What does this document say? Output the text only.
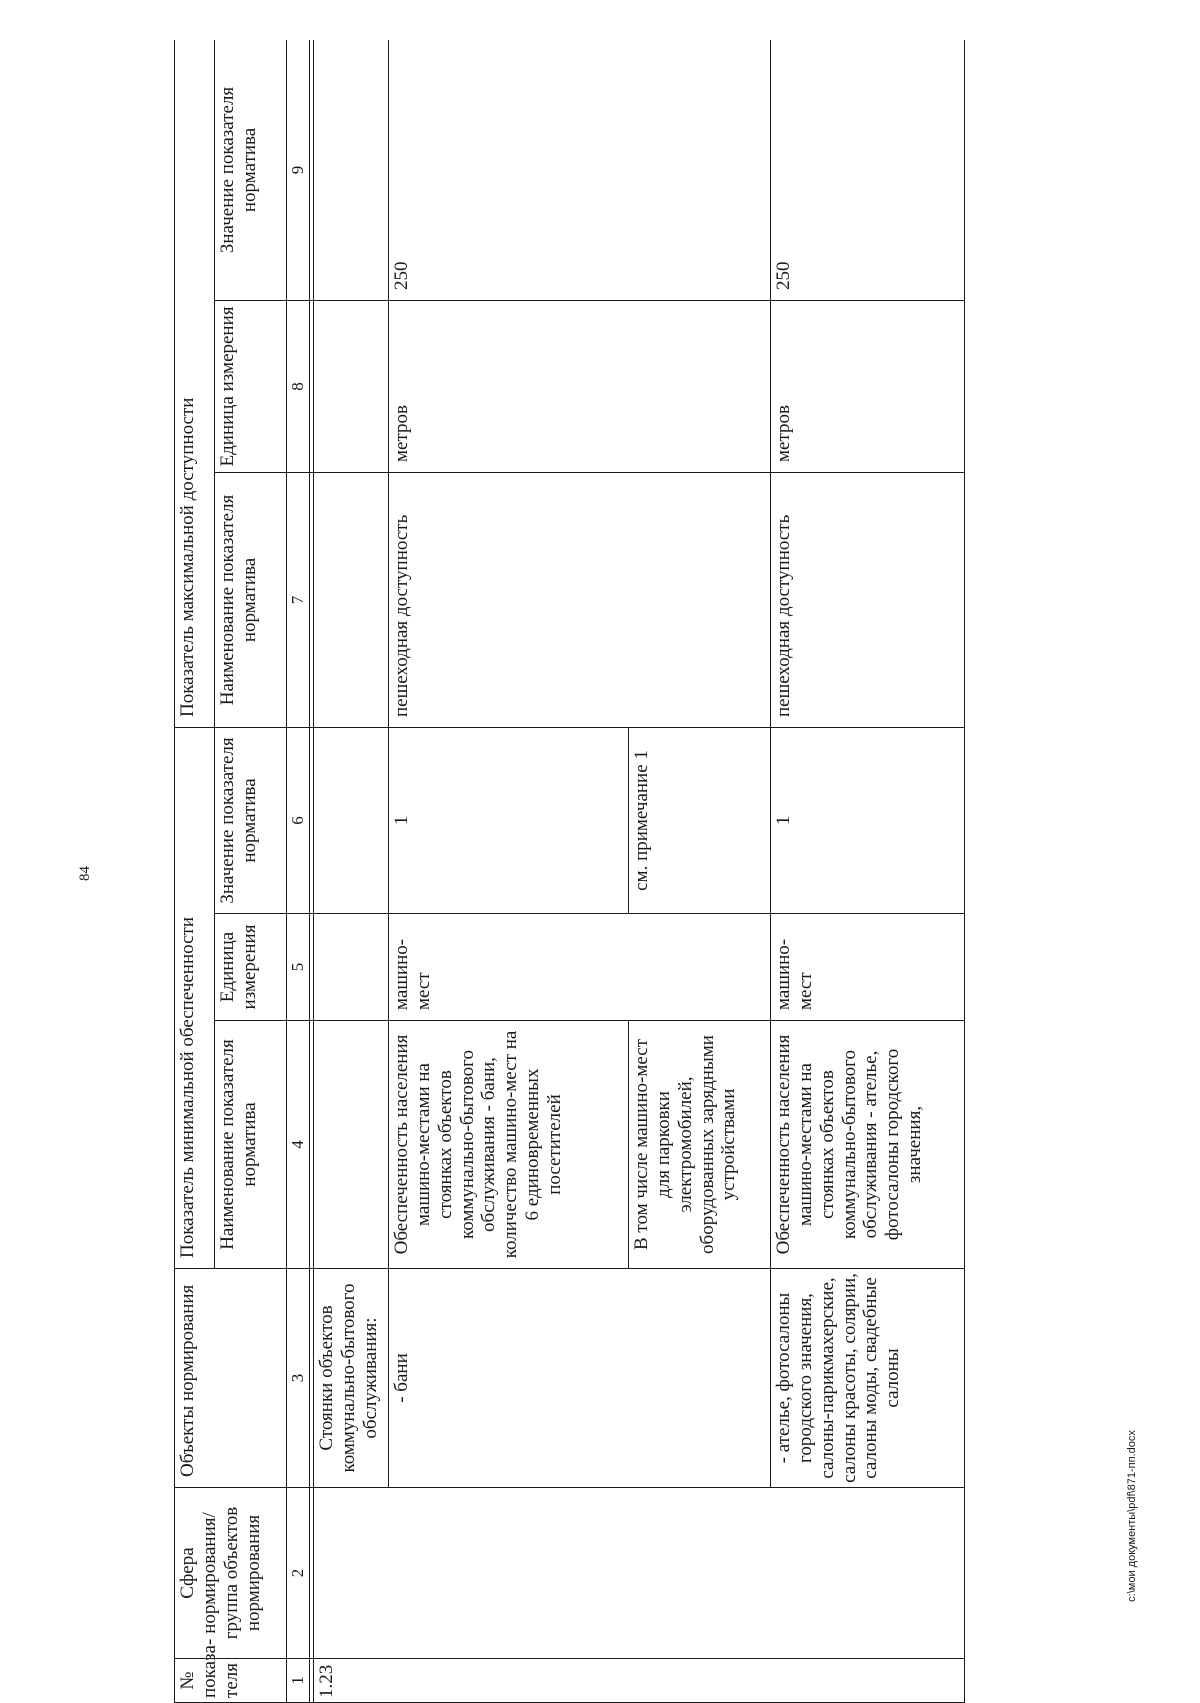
84
№ показа-теля	Сфера нормирования/ группа объектов нормирования	Объекты нормирования	Показатель минимальной обеспеченности			Показатель максимальной доступности		
			Наименование показателя норматива	Единица измерения	Значение показателя норматива	Наименование показателя норматива	Единица измерения	Значение показателя норматива
1	2	3	4	5	6	7	8	9

1.23		Стоянки объектов коммунально-бытового обслуживания:						
		- бани	Обеспеченность населения машино-местами на стоянках объектов коммунально-бытового обслуживания - бани, количество машино-мест на 6 единовременных посетителей	машино-мест	1	пешеходная доступность	метров	250
			В том числе машино-мест для парковки электромобилей, оборудованных зарядными устройствами		см. примечание 1			
		- ателье, фотосалоны городского значения, салоны-парикмахерские, салоны красоты, солярии, салоны моды, свадебные салоны	Обеспеченность населения машино-местами на стоянках объектов коммунально-бытового обслуживания - ателье, фотосалоны городского значения,	машино-мест	1	пешеходная доступность	метров	250
c:\мои документы\pdf\871-пп.docx
